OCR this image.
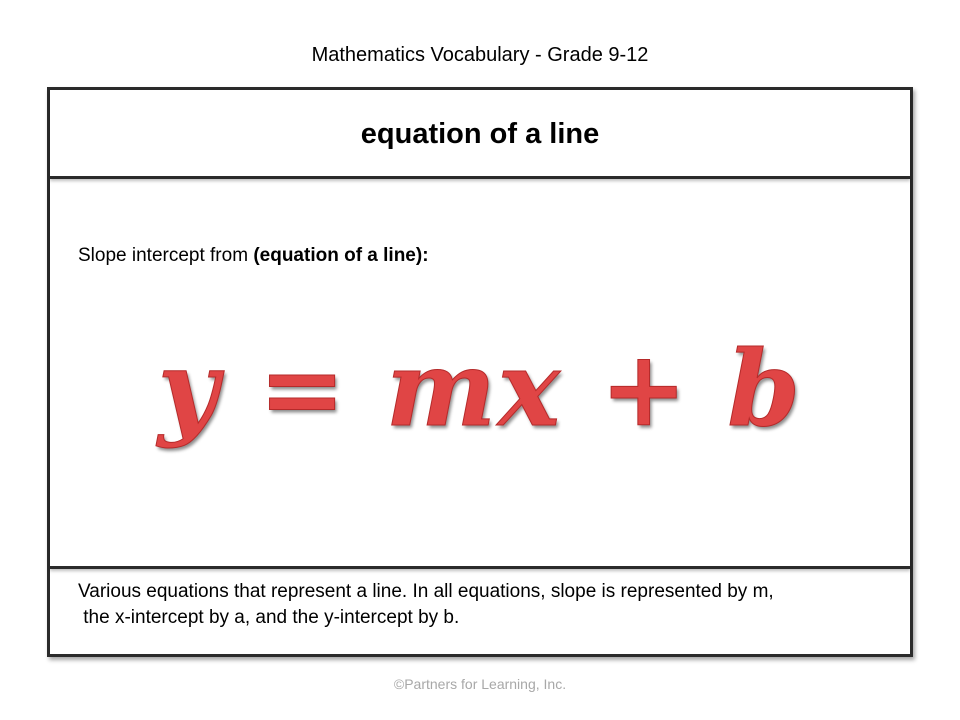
Mathematics Vocabulary - Grade 9-12
equation of a line
Slope intercept from (equation of a line):
y = mx + b
Various equations that represent a line. In all equations, slope is represented by m,
the x-intercept by a, and the y-intercept by b.
©Partners for Learning, Inc.
